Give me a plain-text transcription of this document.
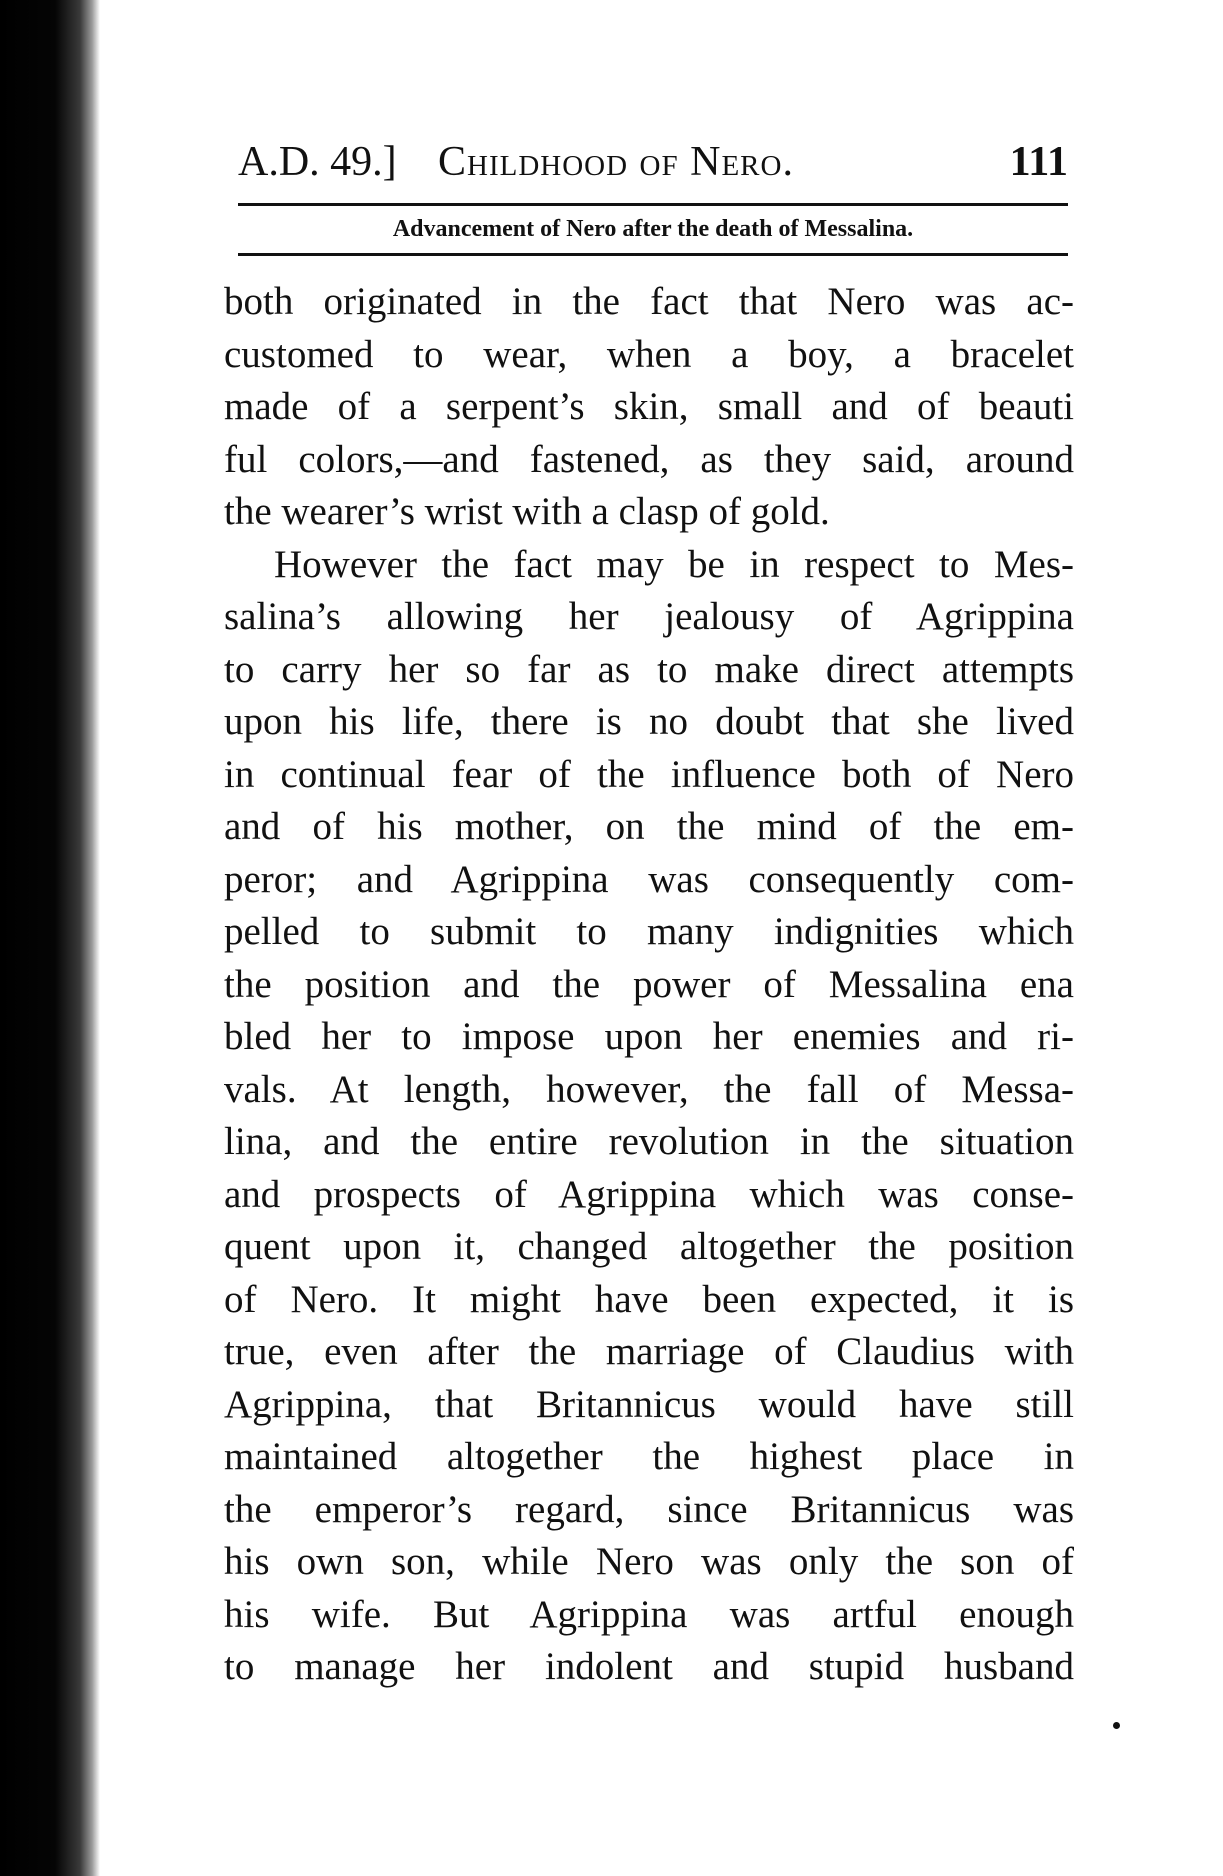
A.D. 49.] Childhood of Nero.	111
Advancement of Nero after the death of Messalina.
both originated in the fact that Nero was ac-
customed to wear, when a boy, a bracelet
made of a serpent’s skin, small and of beauti
ful colors,—and fastened, as they said, around
the wearer’s wrist with a clasp of gold.
However the fact may be in respect to Mes-
salina’s allowing her jealousy of Agrippina
to carry her so far as to make direct attempts
upon his life, there is no doubt that she lived
in continual fear of the influence both of Nero
and of his mother, on the mind of the em-
peror; and Agrippina was consequently com-
pelled to submit to many indignities which
the position and the power of Messalina ena
bled her to impose upon her enemies and ri-
vals. At length, however, the fall of Messa-
lina, and the entire revolution in the situation
and prospects of Agrippina which was conse-
quent upon it, changed altogether the position
of Nero. It might have been expected, it is
true, even after the marriage of Claudius with
Agrippina, that Britannicus would have still
maintained altogether the highest place in
the emperor’s regard, since Britannicus was
his own son, while Nero was only the son of
his wife. But Agrippina was artful enough
to manage her indolent and stupid husband
